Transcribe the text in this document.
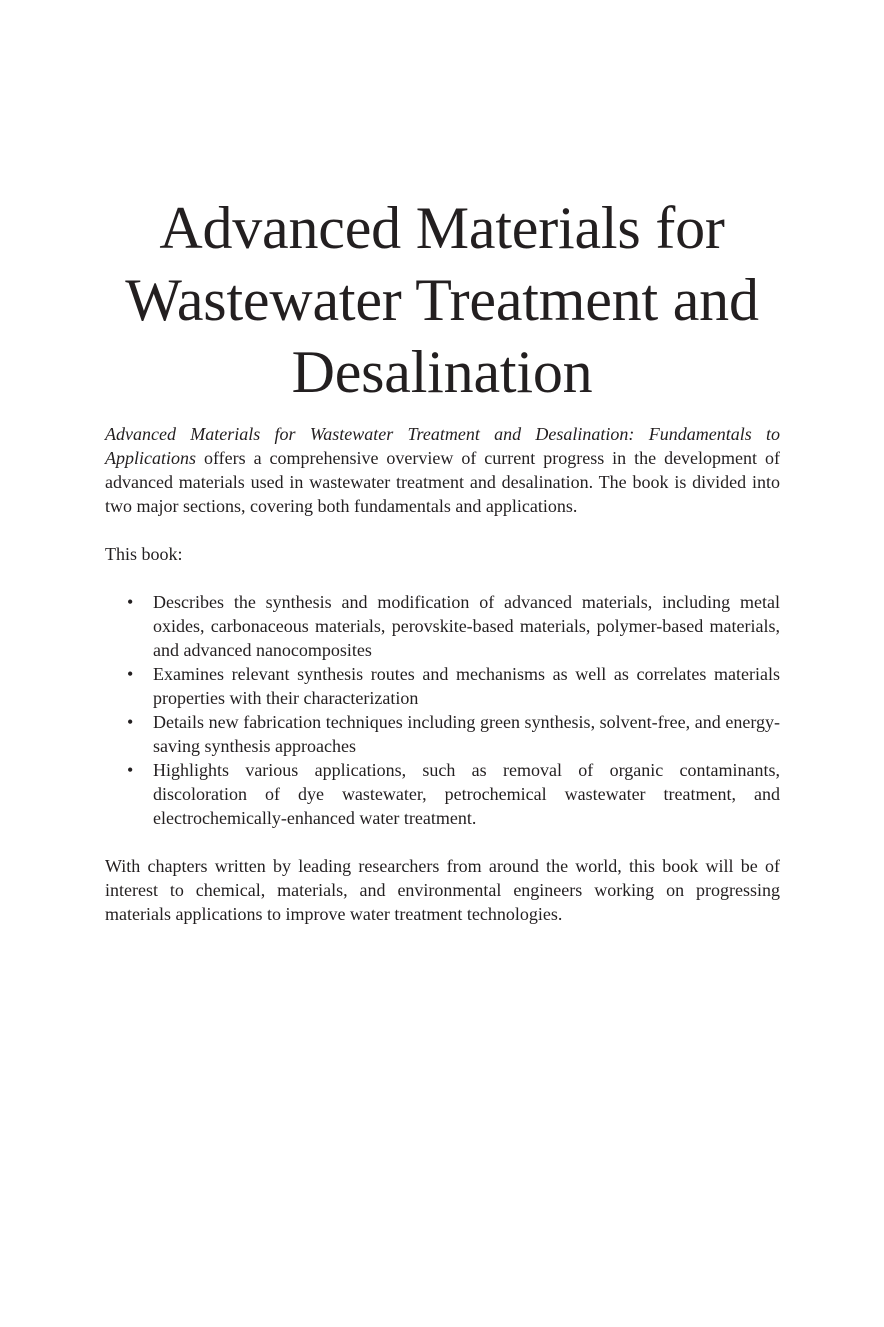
Advanced Materials for
Wastewater Treatment and
Desalination

Advanced Materials for Wastewater Treatment and Desalination: Fundamentals to Applications offers a comprehensive overview of current progress in the development of advanced materials used in wastewater treatment and desalination. The book is divided into two major sections, covering both fundamentals and applications.

This book:

• Describes the synthesis and modification of advanced materials, including metal oxides, carbonaceous materials, perovskite-based materials, polymer-based materials, and advanced nanocomposites
• Examines relevant synthesis routes and mechanisms as well as correlates materials properties with their characterization
• Details new fabrication techniques including green synthesis, solvent-free, and energy-saving synthesis approaches
• Highlights various applications, such as removal of organic contaminants, discoloration of dye wastewater, petrochemical wastewater treatment, and electrochemically-enhanced water treatment.

With chapters written by leading researchers from around the world, this book will be of interest to chemical, materials, and environmental engineers working on progressing materials applications to improve water treatment technologies.
